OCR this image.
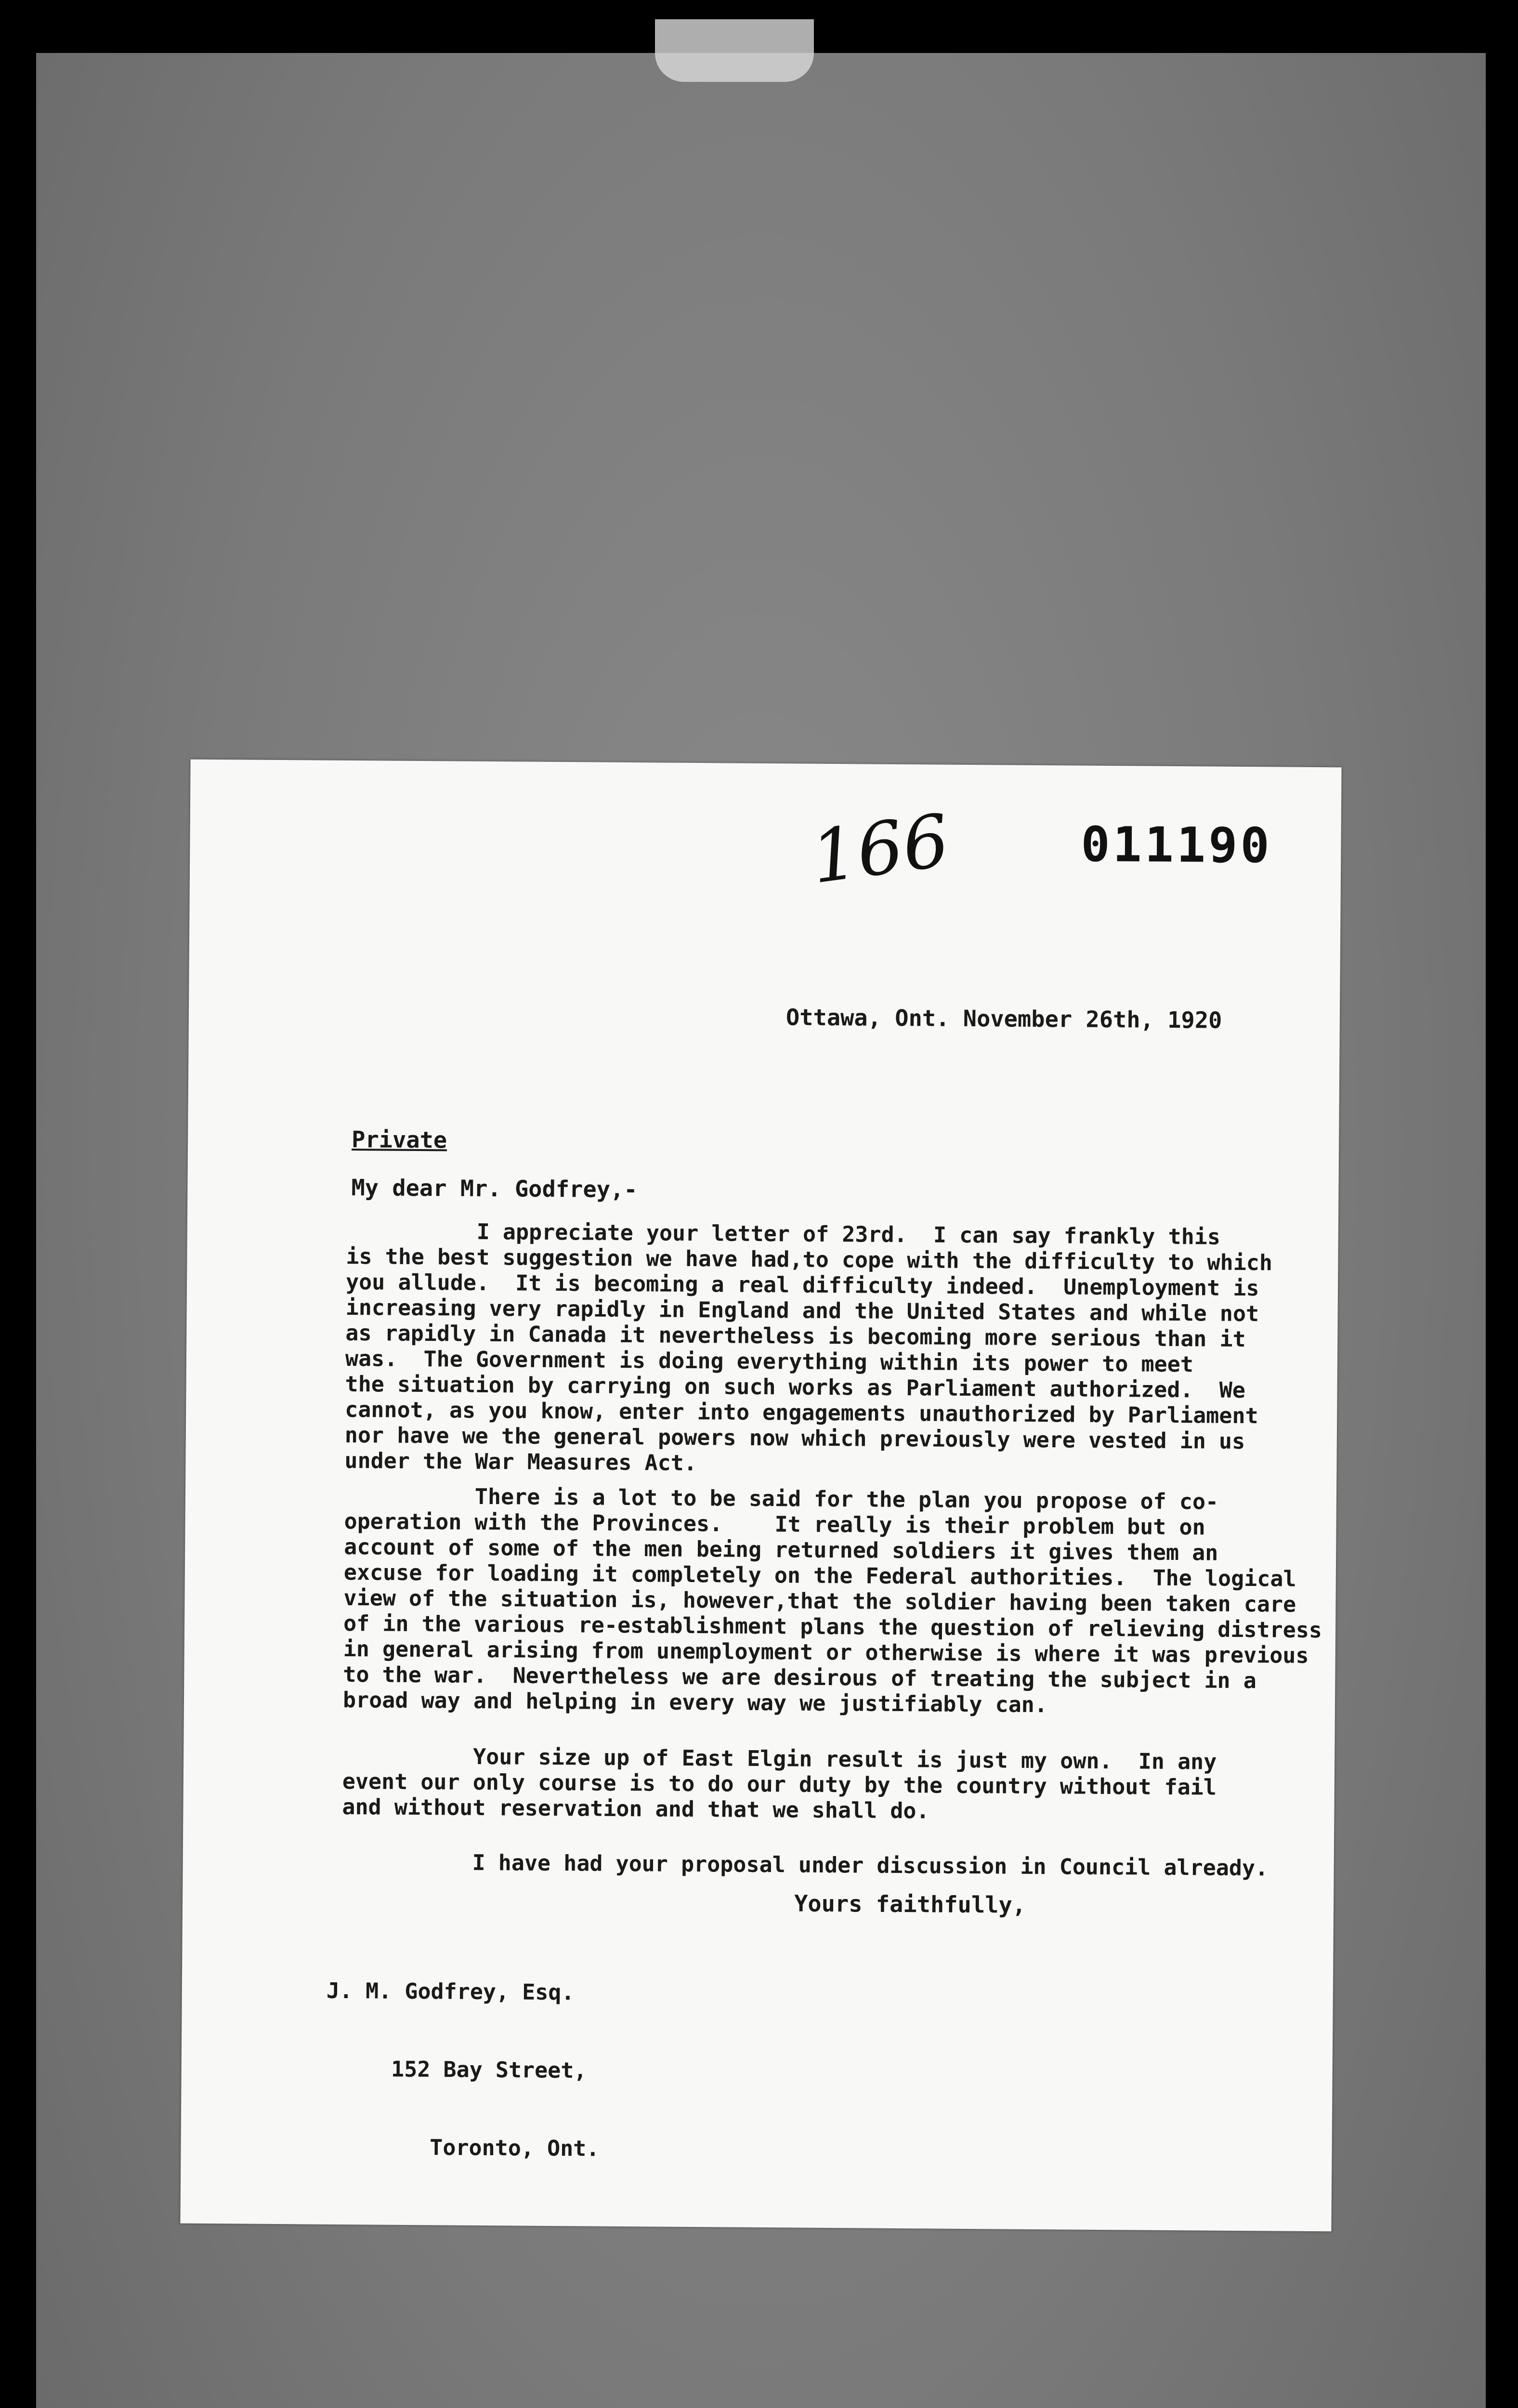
166	011190
Ottawa, Ont. November 26th, 1920
Private
My dear Mr. Godfrey,-
I appreciate your letter of 23rd.  I can say frankly this
is the best suggestion we have had,to cope with the difficulty to which
you allude.  It is becoming a real difficulty indeed.  Unemployment is
increasing very rapidly in England and the United States and while not
as rapidly in Canada it nevertheless is becoming more serious than it
was.  The Government is doing everything within its power to meet
the situation by carrying on such works as Parliament authorized.  We
cannot, as you know, enter into engagements unauthorized by Parliament
nor have we the general powers now which previously were vested in us
under the War Measures Act.
There is a lot to be said for the plan you propose of co-
operation with the Provinces.    It really is their problem but on
account of some of the men being returned soldiers it gives them an
excuse for loading it completely on the Federal authorities.  The logical
view of the situation is, however,that the soldier having been taken care
of in the various re-establishment plans the question of relieving distress
in general arising from unemployment or otherwise is where it was previous
to the war.  Nevertheless we are desirous of treating the subject in a
broad way and helping in every way we justifiably can.
Your size up of East Elgin result is just my own.  In any
event our only course is to do our duty by the country without fail
and without reservation and that we shall do.
I have had your proposal under discussion in Council already.
Yours faithfully,

J. M. Godfrey, Esq.

152 Bay Street,

Toronto, Ont.
